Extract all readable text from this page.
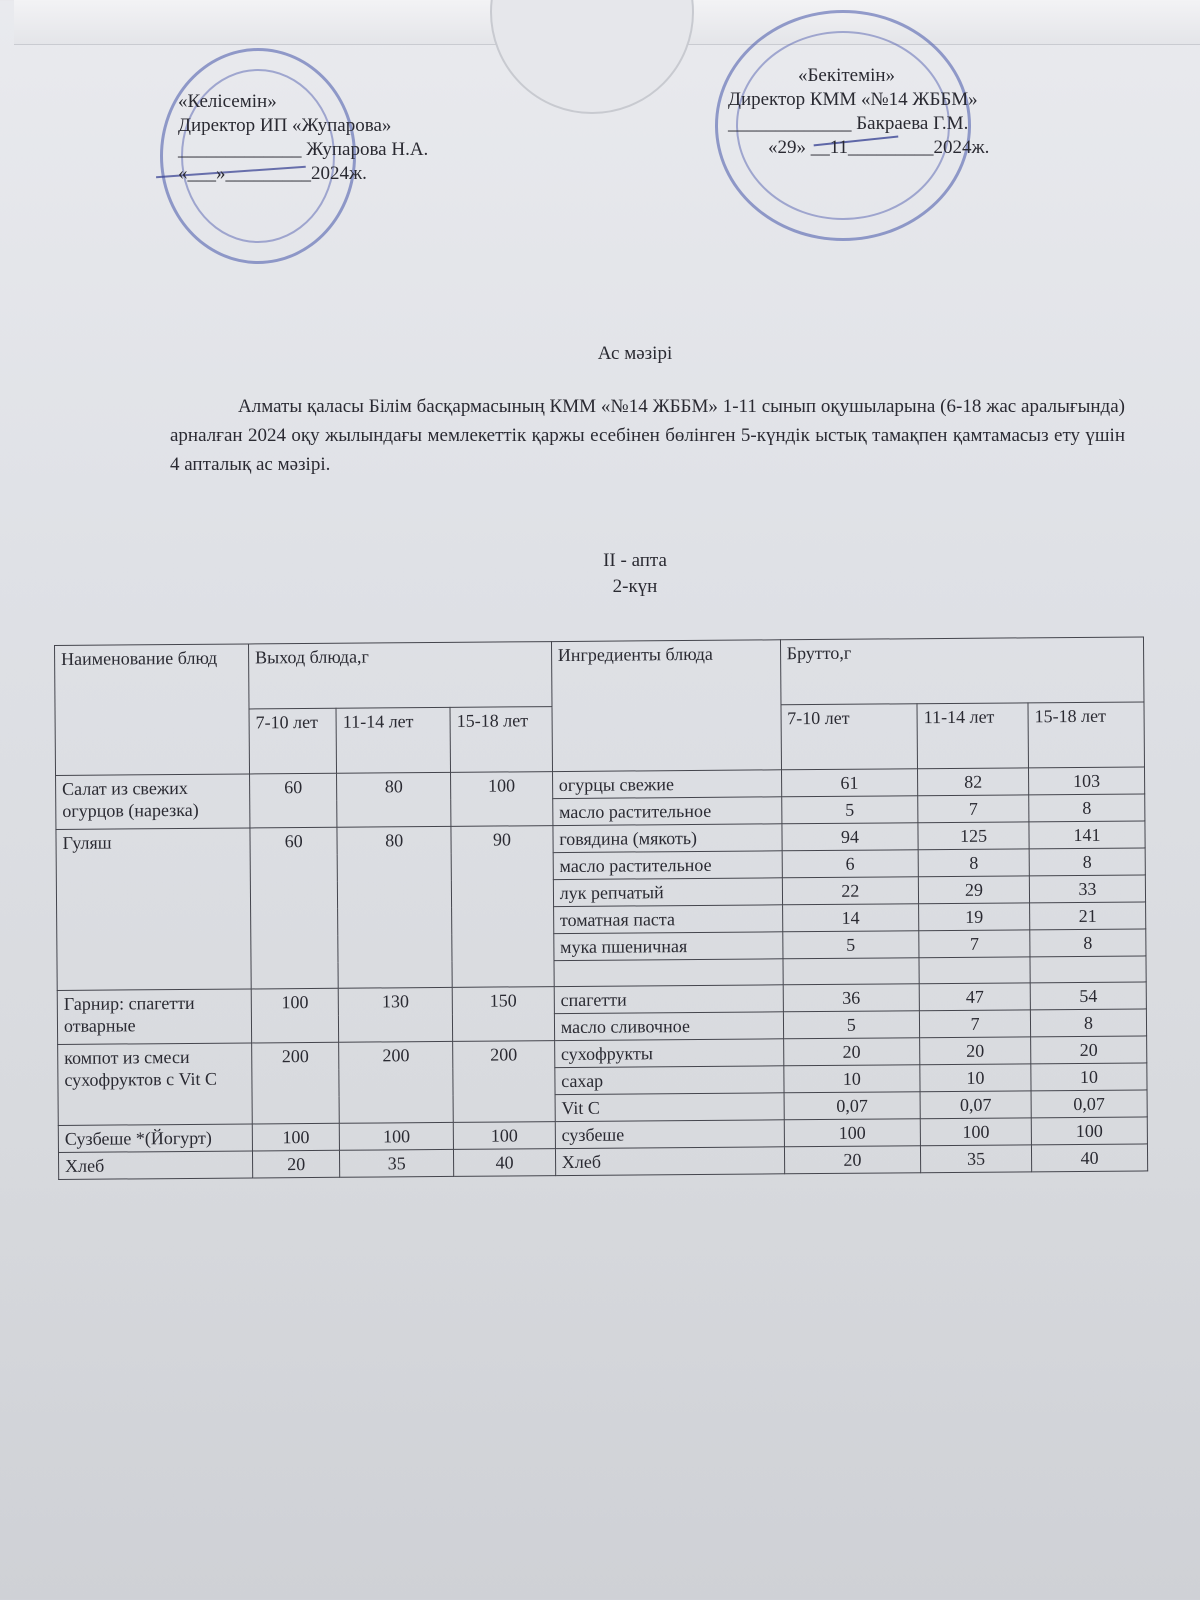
«Келісемін»
Директор ИП «Жупарова»
_____________ Жупарова Н.А.
«___»_________2024ж.
«Бекітемін»
Директор КММ «№14 ЖББМ»
_____________ Бакраева Г.М.
«29» __11_________2024ж.
Ас мәзірі
Алматы қаласы Білім басқармасының КММ «№14 ЖББМ» 1-11 сынып оқушыларына (6-18 жас аралығында) арналған 2024 оқу жылындағы мемлекеттік қаржы есебінен бөлінген 5-күндік ыстық тамақпен қамтамасыз ету үшін 4 апталық ас мәзірі.
II - апта
2-күн
Наименование блюд	Выход блюда,г			Ингредиенты блюда	Брутто,г		
	7-10 лет	11-14 лет	15-18 лет		7-10 лет	11-14 лет	15-18 лет
Салат из свежих огурцов (нарезка)	60	80	100	огурцы свежие	61	82	103
				масло растительное	5	7	8
Гуляш	60	80	90	говядина (мякоть)	94	125	141
				масло растительное	6	8	8
				лук репчатый	22	29	33
				томатная паста	14	19	21
				мука пшеничная	5	7	8

Гарнир: спагетти отварные	100	130	150	спагетти	36	47	54
				масло сливочное	5	7	8
компот из смеси сухофруктов с Vit C	200	200	200	сухофрукты	20	20	20
				сахар	10	10	10
				Vit C	0,07	0,07	0,07
Сузбеше *(Йогурт)	100	100	100	сузбеше	100	100	100
Хлеб	20	35	40	Хлеб	20	35	40
